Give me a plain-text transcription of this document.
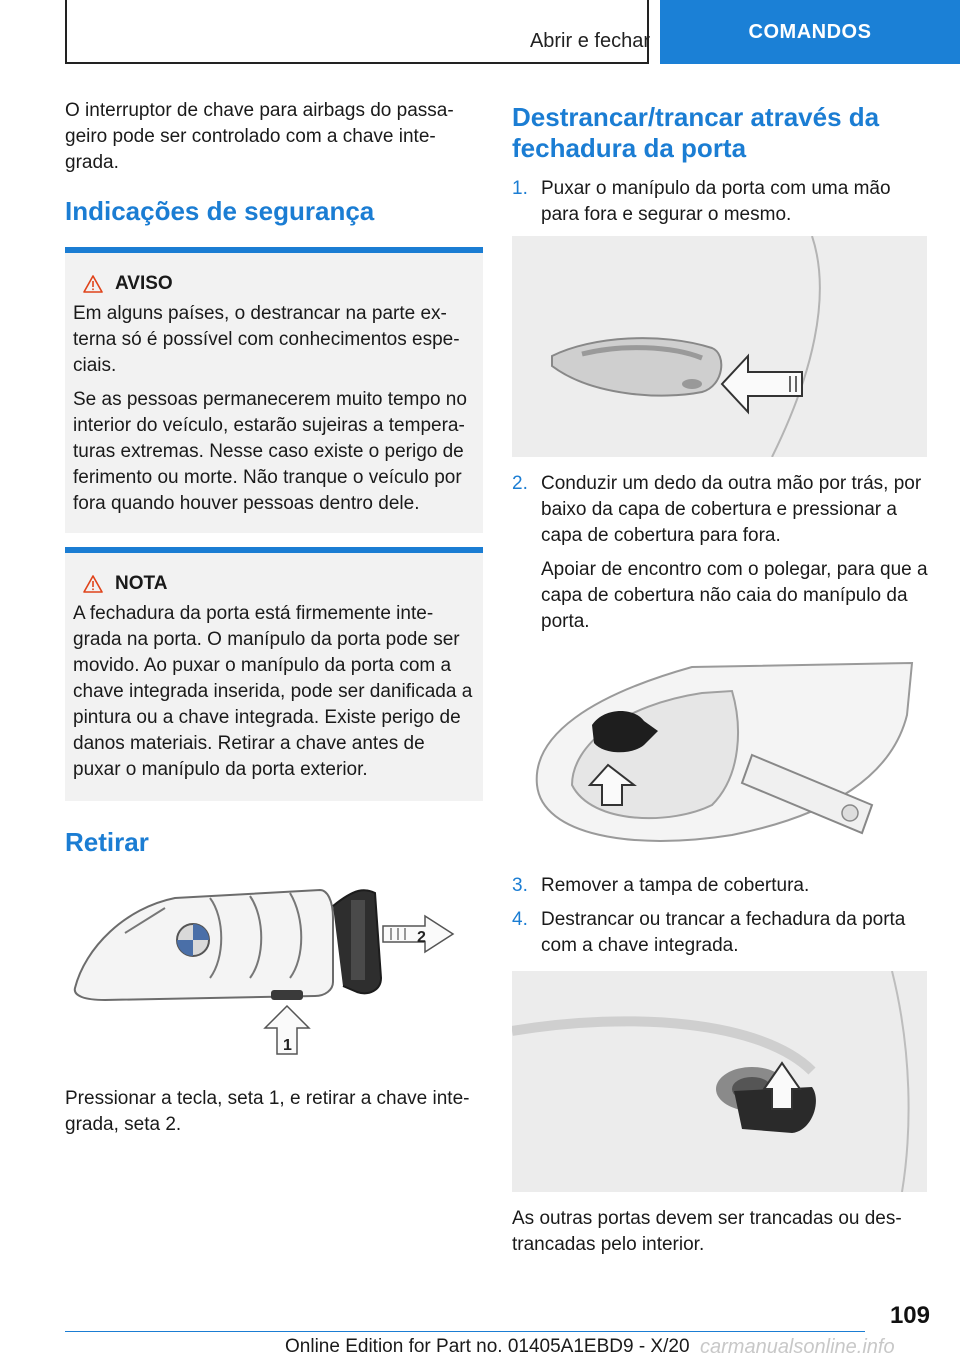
Abrir e fechar	COMANDOS
O interruptor de chave para airbags do passa-geiro pode ser controlado com a chave inte-grada.
Indicações de segurança
AVISO

Em alguns países, o destrancar na parte ex-terna só é possível com conhecimentos espe-ciais.

Se as pessoas permanecerem muito tempo no interior do veículo, estarão sujeiras a tempera-turas extremas. Nesse caso existe o perigo de ferimento ou morte. Não tranque o veículo por fora quando houver pessoas dentro dele.

NOTA

A fechadura da porta está firmemente inte-grada na porta. O manípulo da porta pode ser movido. Ao puxar o manípulo da porta com a chave integrada inserida, pode ser danificada a pintura ou a chave integrada. Existe perigo de danos materiais. Retirar a chave antes de puxar o manípulo da porta exterior.

Retirar
2
1
Pressionar a tecla, seta 1, e retirar a chave inte-grada, seta 2.
Destrancar/trancar através da fechadura da porta
1. Puxar o manípulo da porta com uma mão para fora e segurar o mesmo.
2. Conduzir um dedo da outra mão por trás, por baixo da capa de cobertura e pressionar a capa de cobertura para fora.

Apoiar de encontro com o polegar, para que a capa de cobertura não caia do manípulo da porta.

3. Remover a tampa de cobertura.
4. Destrancar ou trancar a fechadura da porta com a chave integrada.
As outras portas devem ser trancadas ou des-trancadas pelo interior.
109
Online Edition for Part no. 01405A1EBD9 - X/20 carmanualsonline.info
